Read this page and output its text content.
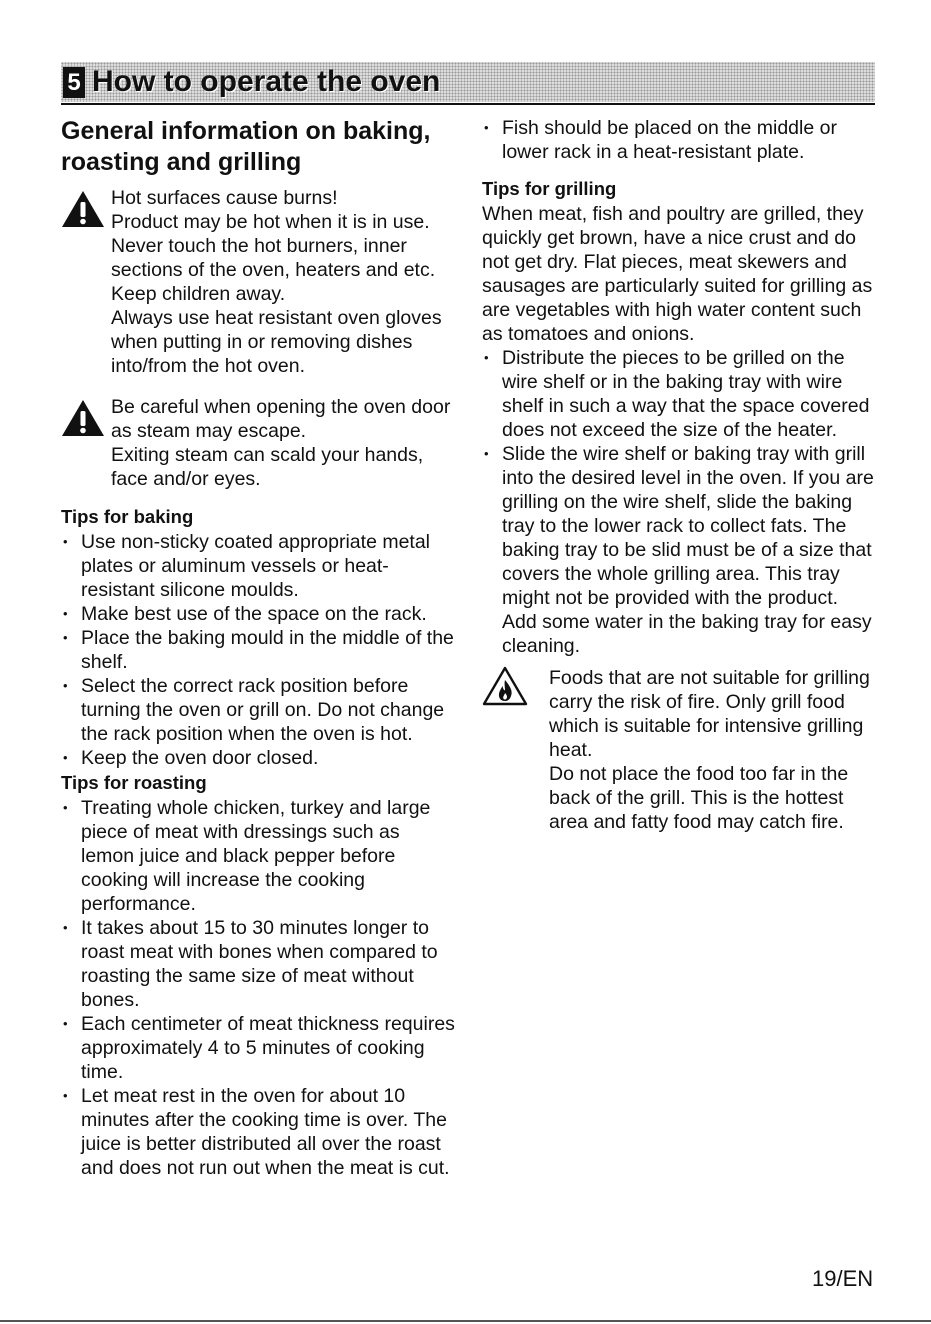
5 How to operate the oven
General information on baking, roasting and grilling

Hot surfaces cause burns!

Product may be hot when it is in use. Never touch the hot burners, inner sections of the oven, heaters and etc. Keep children away.

Always use heat resistant oven gloves when putting in or removing dishes into/from the hot oven.

Be careful when opening the oven door as steam may escape.

Exiting steam can scald your hands, face and/or eyes.

Tips for baking
• Use non-sticky coated appropriate metal plates or aluminum vessels or heat-resistant silicone moulds.
• Make best use of the space on the rack.
• Place the baking mould in the middle of the shelf.
• Select the correct rack position before turning the oven or grill on. Do not change the rack position when the oven is hot.
• Keep the oven door closed.
Tips for roasting
• Treating whole chicken, turkey and large piece of meat with dressings such as lemon juice and black pepper before cooking will increase the cooking performance.
• It takes about 15 to 30 minutes longer to roast meat with bones when compared to roasting the same size of meat without bones.
• Each centimeter of meat thickness requires approximately 4 to 5 minutes of cooking time.
• Let meat rest in the oven for about 10 minutes after the cooking time is over. The juice is better distributed all over the roast and does not run out when the meat is cut.
• Fish should be placed on the middle or lower rack in a heat-resistant plate.
Tips for grilling

When meat, fish and poultry are grilled, they quickly get brown, have a nice crust and do not get dry. Flat pieces, meat skewers and sausages are particularly suited for grilling as are vegetables with high water content such as tomatoes and onions.

• Distribute the pieces to be grilled on the wire shelf or in the baking tray with wire shelf in such a way that the space covered does not exceed the size of the heater.
• Slide the wire shelf or baking tray with grill into the desired level in the oven. If you are grilling on the wire shelf, slide the baking tray to the lower rack to collect fats. The baking tray to be slid must be of a size that covers the whole grilling area. This tray might not be provided with the product. Add some water in the baking tray for easy cleaning.

Foods that are not suitable for grilling carry the risk of fire. Only grill food which is suitable for intensive grilling heat.

Do not place the food too far in the back of the grill. This is the hottest area and fatty food may catch fire.

19/EN
